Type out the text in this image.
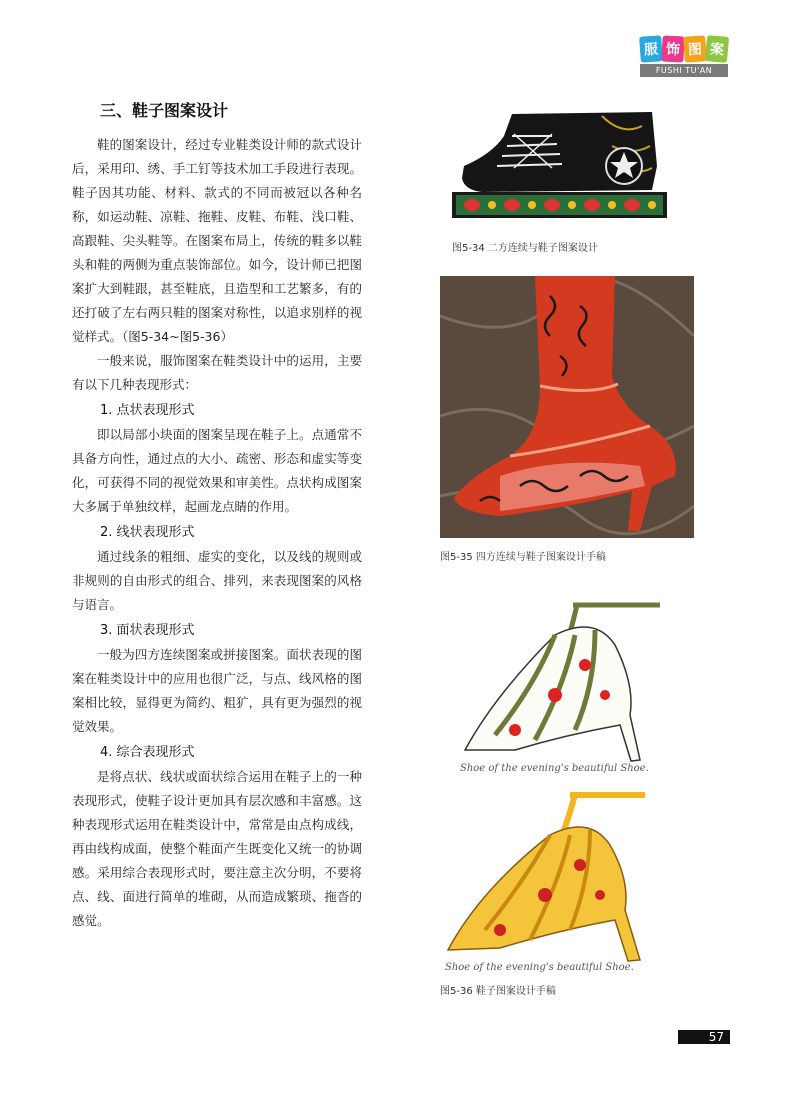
服 饰 图 案
FUSHI TU'AN
三、鞋子图案设计

鞋的图案设计，经过专业鞋类设计师的款式设计后，采用印、绣、手工钉等技术加工手段进行表现。鞋子因其功能、材料、款式的不同而被冠以各种名称，如运动鞋、凉鞋、拖鞋、皮鞋、布鞋、浅口鞋、高跟鞋、尖头鞋等。在图案布局上，传统的鞋多以鞋头和鞋的两侧为重点装饰部位。如今，设计师已把图案扩大到鞋跟，甚至鞋底，且造型和工艺繁多，有的还打破了左右两只鞋的图案对称性，以追求别样的视觉样式。（图5-34~图5-36）

一般来说，服饰图案在鞋类设计中的运用，主要有以下几种表现形式：

1. 点状表现形式

即以局部小块面的图案呈现在鞋子上。点通常不具备方向性，通过点的大小、疏密、形态和虚实等变化，可获得不同的视觉效果和审美性。点状构成图案大多属于单独纹样，起画龙点睛的作用。

2. 线状表现形式

通过线条的粗细、虚实的变化，以及线的规则或非规则的自由形式的组合、排列，来表现图案的风格与语言。

3. 面状表现形式

一般为四方连续图案或拼接图案。面状表现的图案在鞋类设计中的应用也很广泛，与点、线风格的图案相比较，显得更为简约、粗犷，具有更为强烈的视觉效果。

4. 综合表现形式

是将点状、线状或面状综合运用在鞋子上的一种表现形式，使鞋子设计更加具有层次感和丰富感。这种表现形式运用在鞋类设计中，常常是由点构成线，再由线构成面，使整个鞋面产生既变化又统一的协调感。采用综合表现形式时，要注意主次分明，不要将点、线、面进行简单的堆砌，从而造成繁琐、拖沓的感觉。

图5-34 二方连续与鞋子图案设计
图5-35 四方连续与鞋子图案设计手稿
Shoe of the evening's beautiful Shoe.
Shoe of the evening's beautiful Shoe.
图5-36 鞋子图案设计手稿
57
